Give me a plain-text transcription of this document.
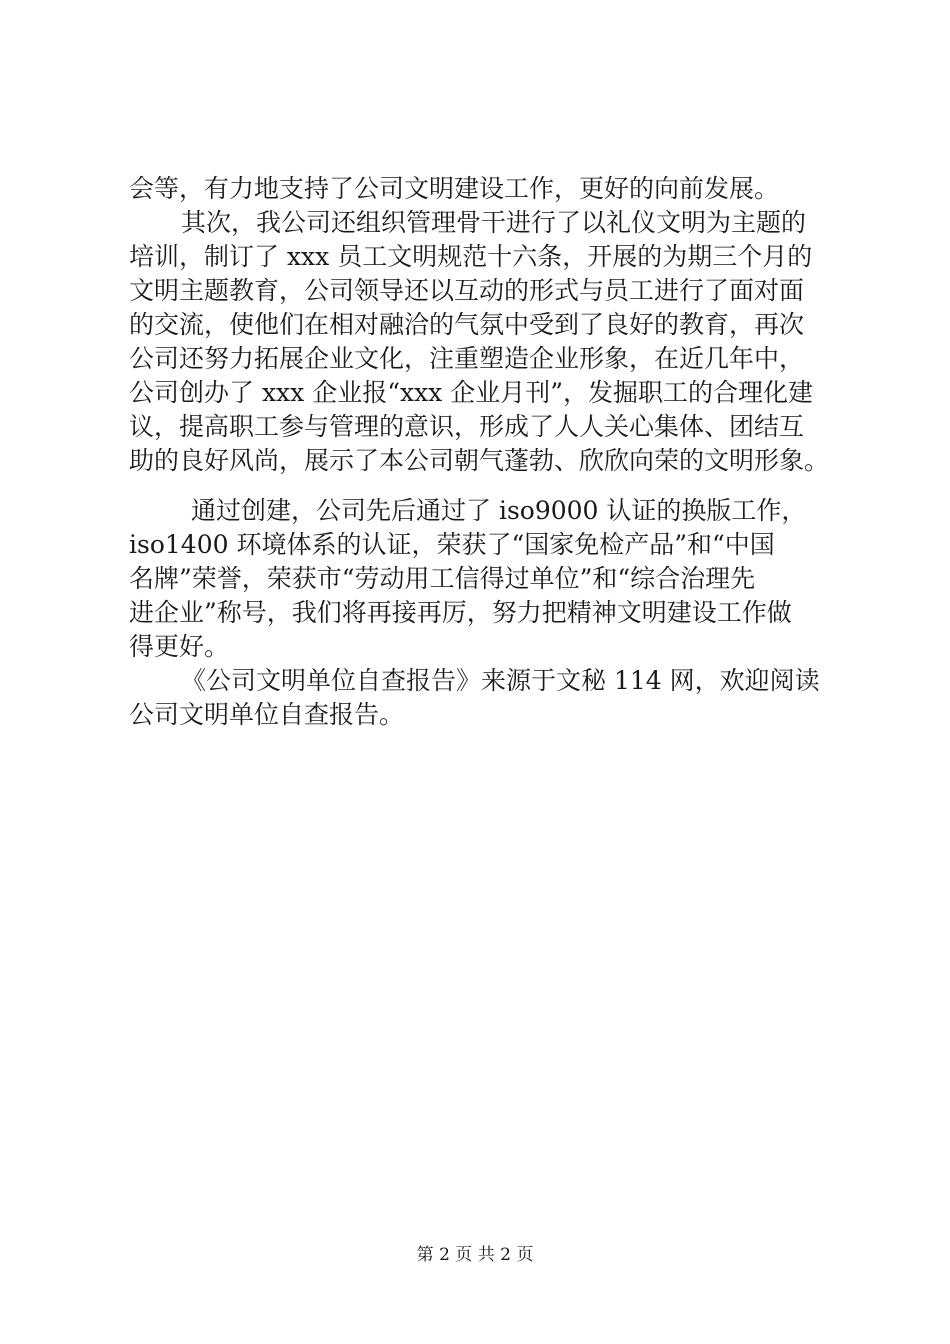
会等，有力地支持了公司文明建设工作，更好的向前发展。
其次，我公司还组织管理骨干进行了以礼仪文明为主题的
培训，制订了 xxx 员工文明规范十六条，开展的为期三个月的
文明主题教育，公司领导还以互动的形式与员工进行了面对面
的交流，使他们在相对融洽的气氛中受到了良好的教育，再次
公司还努力拓展企业文化，注重塑造企业形象，在近几年中，
公司创办了 xxx 企业报“xxx 企业月刊”，发掘职工的合理化建
议，提高职工参与管理的意识，形成了人人关心集体、团结互
助的良好风尚，展示了本公司朝气蓬勃、欣欣向荣的文明形象。
通过创建，公司先后通过了 iso9000 认证的换版工作，
iso1400 环境体系的认证，荣获了“国家免检产品”和“中国
名牌”荣誉，荣获市“劳动用工信得过单位”和“综合治理先
进企业”称号，我们将再接再厉，努力把精神文明建设工作做
得更好。
《公司文明单位自查报告》来源于文秘 114 网，欢迎阅读
公司文明单位自查报告。
第 2 页 共 2 页
